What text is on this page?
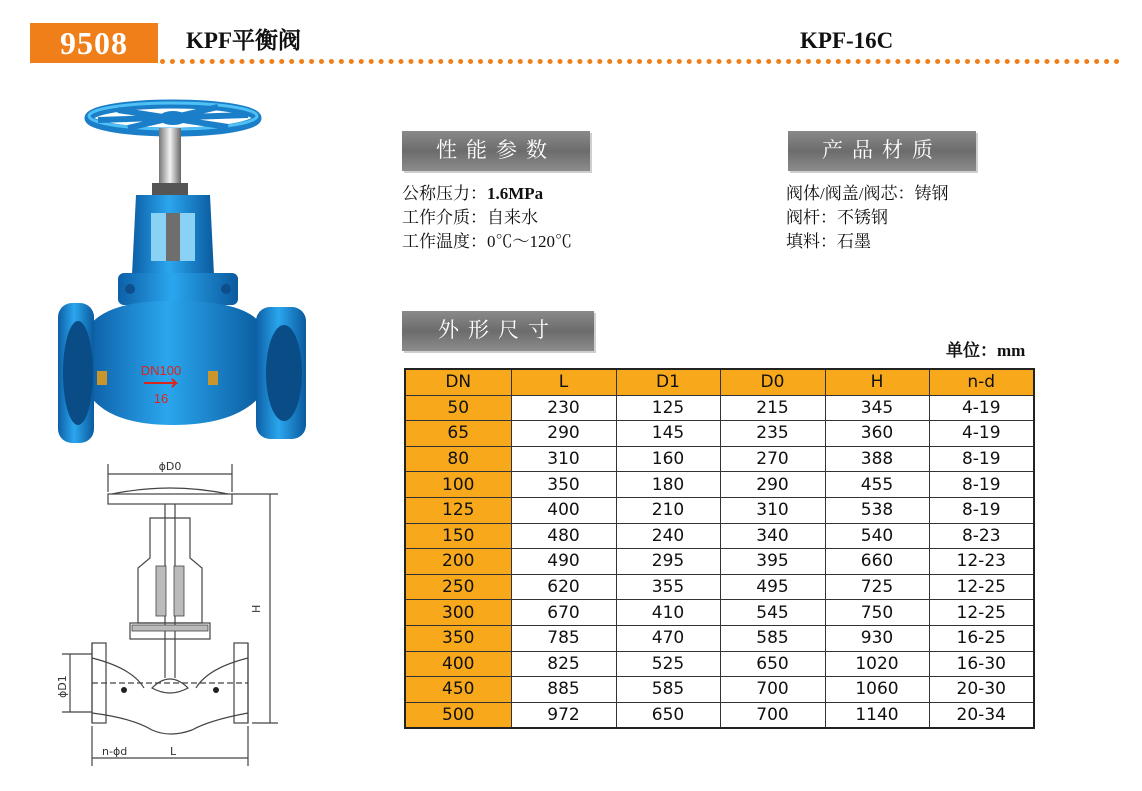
9508	KPF平衡阀	KPF-16C
DN100
16
ϕD0
H
ϕD1
n-ϕd	L
性能参数
公称压力：1.6MPa
工作介质：自来水
工作温度：0℃～120℃
产品材质
阀体/阀盖/阀芯：铸钢
阀杆：不锈钢
填料：石墨
外形尺寸
单位：mm
DN	L	D1	D0	H	n-d
50	230	125	215	345	4-19
65	290	145	235	360	4-19
80	310	160	270	388	8-19
100	350	180	290	455	8-19
125	400	210	310	538	8-19
150	480	240	340	540	8-23
200	490	295	395	660	12-23
250	620	355	495	725	12-25
300	670	410	545	750	12-25
350	785	470	585	930	16-25
400	825	525	650	1020	16-30
450	885	585	700	1060	20-30
500	972	650	700	1140	20-34
